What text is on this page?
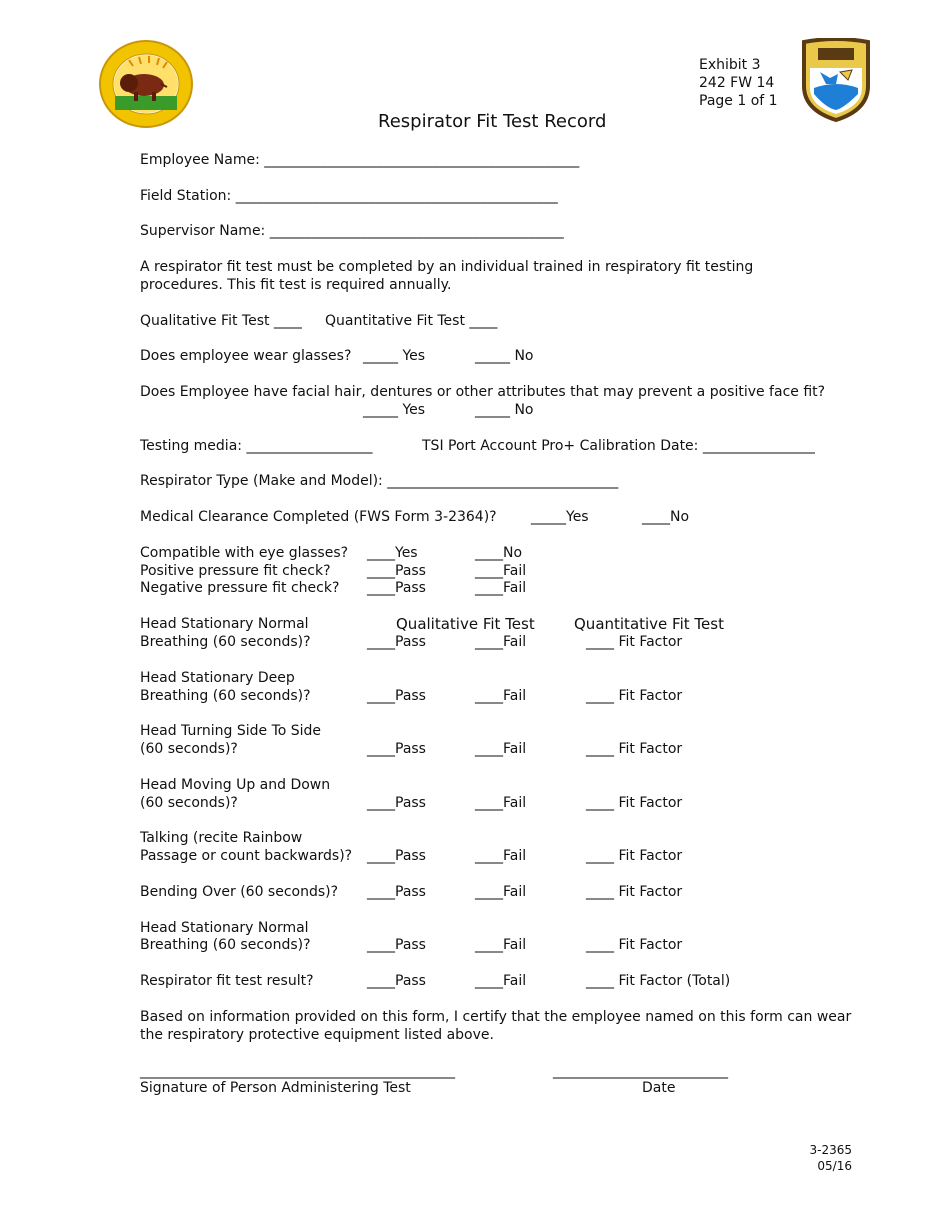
Exhibit 3
242 FW 14
Page 1 of 1
Respirator Fit Test Record
Employee Name: _____________________________________________
Field Station: ______________________________________________
Supervisor Name: __________________________________________
A respirator fit test must be completed by an individual trained in respiratory fit testing
procedures. This fit test is required annually.
Qualitative Fit Test ____ Quantitative Fit Test ____
Does employee wear glasses? _____ Yes	_____ No
Does Employee have facial hair, dentures or other attributes that may prevent a positive face fit?
_____ Yes	_____ No
Testing media: __________________	TSI Port Account Pro+ Calibration Date: ________________
Respirator Type (Make and Model): _________________________________
Medical Clearance Completed (FWS Form 3-2364)? _____Yes	____No
Compatible with eye glasses? ____Yes	____No
Positive pressure fit check?	____Pass	____Fail
Negative pressure fit check? ____Pass	____Fail
Qualitative Fit Test	Quantitative Fit Test
Head Stationary Normal
Breathing (60 seconds)?	____Pass	____Fail	____ Fit Factor
Head Stationary Deep
Breathing (60 seconds)?	____Pass	____Fail	____ Fit Factor
Head Turning Side To Side
(60 seconds)?	____Pass	____Fail	____ Fit Factor
Head Moving Up and Down
(60 seconds)?	____Pass	____Fail	____ Fit Factor
Talking (recite Rainbow
Passage or count backwards)? ____Pass	____Fail	____ Fit Factor
Bending Over (60 seconds)? ____Pass	____Fail	____ Fit Factor
Head Stationary Normal
Breathing (60 seconds)?	____Pass	____Fail	____ Fit Factor
Respirator fit test result?	____Pass	____Fail	____ Fit Factor (Total)
Based on information provided on this form, I certify that the employee named on this form can wear
the respiratory protective equipment listed above.
_____________________________________________	_________________________
Signature of Person Administering Test	Date
3-2365
05/16
